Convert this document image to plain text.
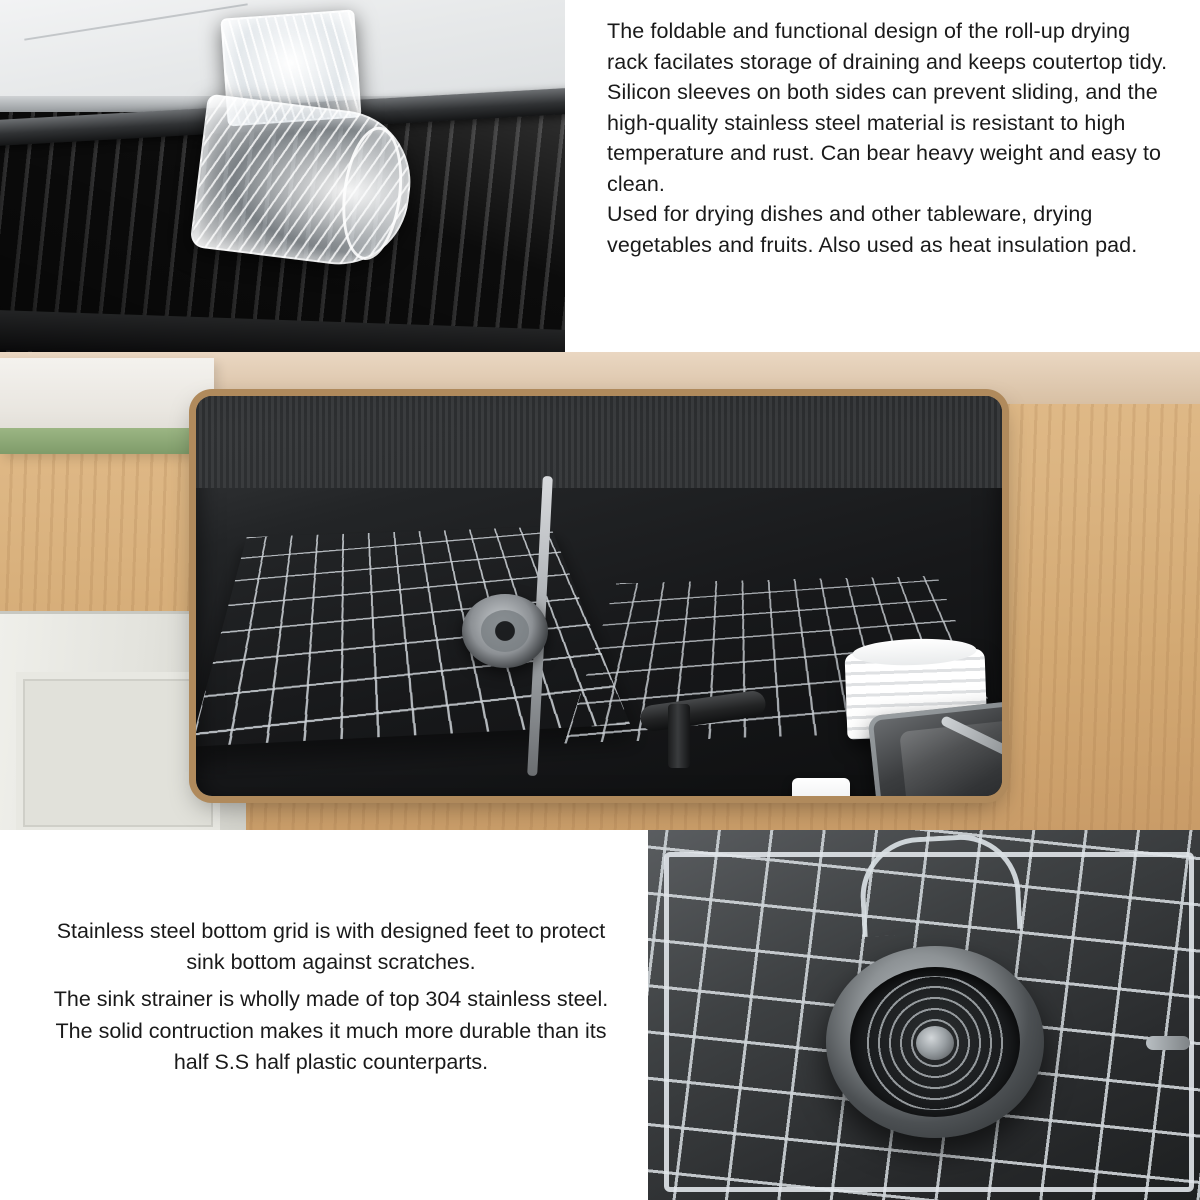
The foldable and functional design of the roll-up drying rack facilates storage of draining and keeps coutertop tidy.

Silicon sleeves on both sides can prevent sliding, and the high-quality stainless steel material is resistant to high temperature and rust. Can bear heavy weight and easy to clean.

Used for drying dishes and other tableware, drying vegetables and fruits. Also used as heat insulation pad.

Stainless steel bottom grid is with designed feet to protect sink bottom against scratches.

The sink strainer is wholly made of top 304 stainless steel. The solid contruction makes it much more durable than its half S.S half plastic counterparts.
